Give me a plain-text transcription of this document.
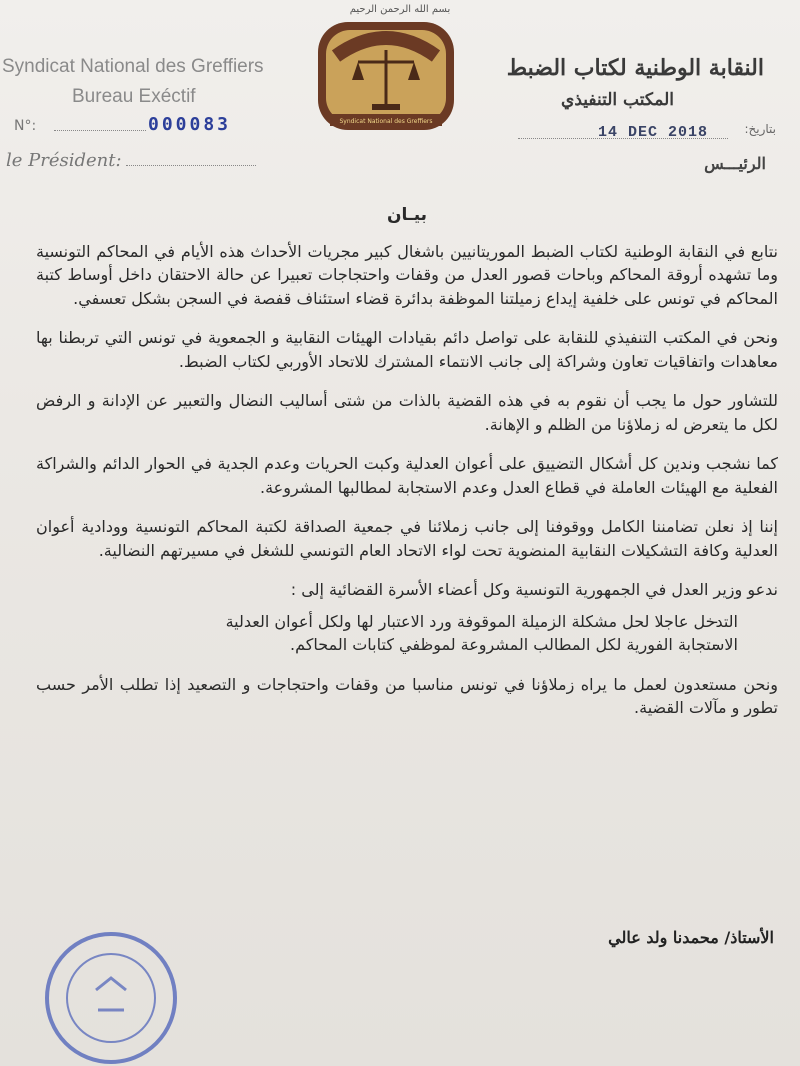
بسم الله الرحمن الرحيم
Syndicat National des Greffiers
Bureau Exéctif
النقابة الوطنية لكتاب الضبط
المكتب التنفيذي
Syndicat National des Greffiers
N°:	000083	14 DEC 2018	بتاريخ:
le Président:	الرئيـــس
بيـان

نتابع في النقابة الوطنية لكتاب الضبط الموريتانيين باشغال كبير مجريات الأحداث هذه الأيام في المحاكم التونسية وما تشهده أروقة المحاكم وباحات قصور العدل من وقفات واحتجاجات تعبيرا عن حالة الاحتقان داخل أوساط كتبة المحاكم في تونس على خلفية إيداع زميلتنا الموظفة بدائرة قضاء استئناف قفصة في السجن بشكل تعسفي.

ونحن في المكتب التنفيذي للنقابة على تواصل دائم بقيادات الهيئات النقابية و الجمعوية في تونس التي تربطنا بها معاهدات واتفاقيات تعاون وشراكة إلى جانب الانتماء المشترك للاتحاد الأوربي لكتاب الضبط.

للتشاور حول ما يجب أن نقوم به في هذه القضية بالذات من شتى أساليب النضال والتعبير عن الإدانة و الرفض لكل ما يتعرض له زملاؤنا من الظلم و الإهانة.

كما نشجب وندين كل أشكال التضييق على أعوان العدلية وكبت الحريات وعدم الجدية في الحوار الدائم والشراكة الفعلية مع الهيئات العاملة في قطاع العدل وعدم الاستجابة لمطالبها المشروعة.

إننا إذ نعلن تضامننا الكامل ووقوفنا إلى جانب زملائنا في جمعية الصداقة لكتبة المحاكم التونسية وودادية أعوان العدلية وكافة التشكيلات النقابية المنضوية تحت لواء الاتحاد العام التونسي للشغل في مسيرتهم النضالية.

ندعو وزير العدل في الجمهورية التونسية وكل أعضاء الأسرة القضائية إلى :

- التدخل عاجلا لحل مشكلة الزميلة الموقوفة ورد الاعتبار لها ولكل أعوان العدلية
- الاستجابة الفورية لكل المطالب المشروعة لموظفي كتابات المحاكم.

ونحن مستعدون لعمل ما يراه زملاؤنا في تونس مناسبا من وقفات واحتجاجات و التصعيد إذا تطلب الأمر حسب تطور و مآلات القضية.

الأستاذ/ محمدنا ولد عالي
